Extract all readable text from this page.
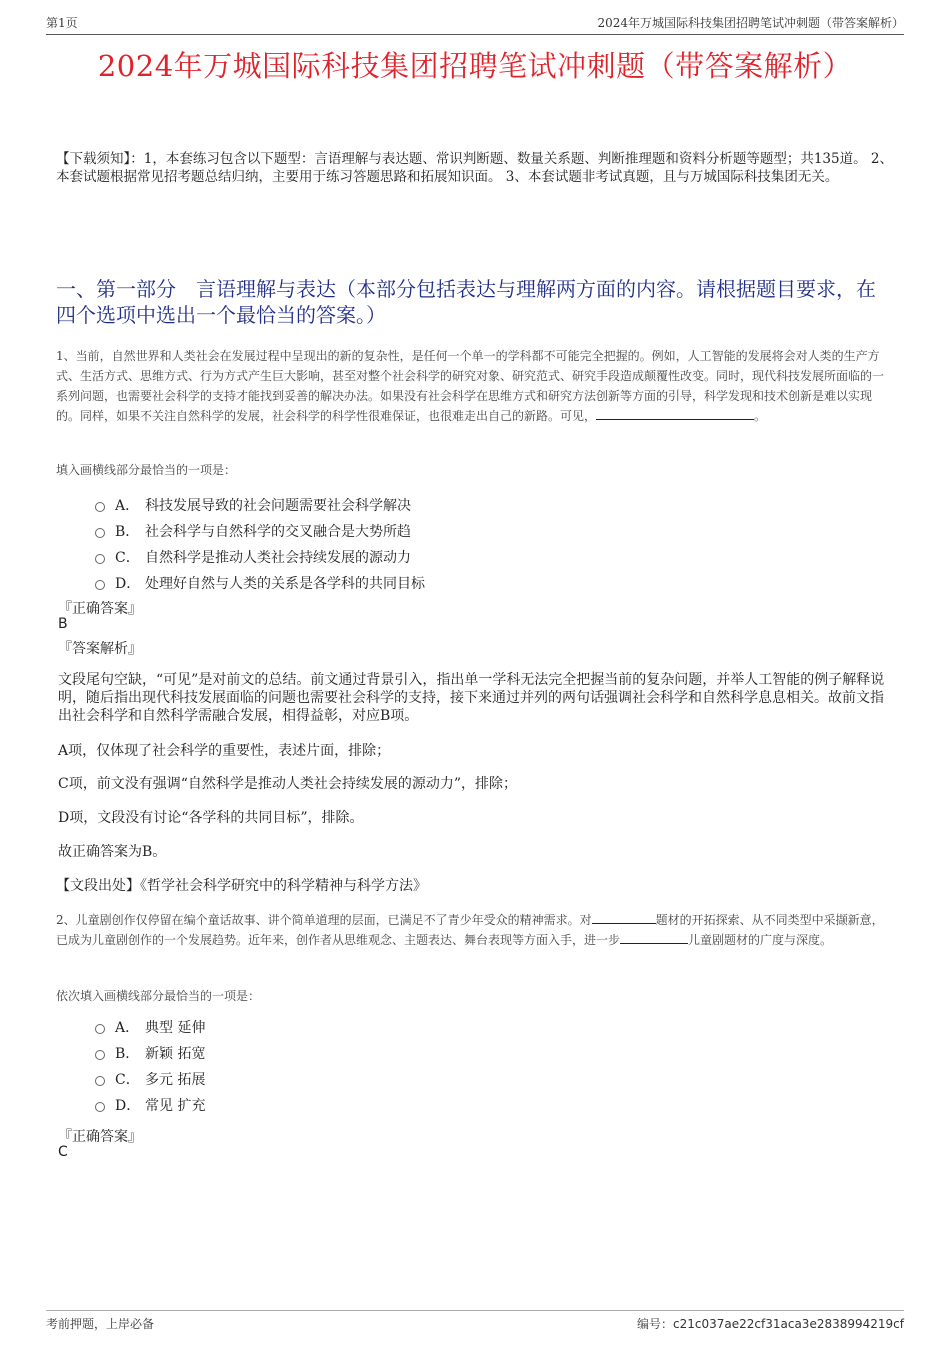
第1页	2024年万城国际科技集团招聘笔试冲刺题（带答案解析）
2024年万城国际科技集团招聘笔试冲刺题（带答案解析）
【下载须知】：1，本套练习包含以下题型：言语理解与表达题、常识判断题、数量关系题、判断推理题和资料分析题等题型；共135道。 2、本套试题根据常见招考题总结归纳，主要用于练习答题思路和拓展知识面。 3、本套试题非考试真题，且与万城国际科技集团无关。
一、第一部分　言语理解与表达（本部分包括表达与理解两方面的内容。请根据题目要求，在四个选项中选出一个最恰当的答案。）
1、当前，自然世界和人类社会在发展过程中呈现出的新的复杂性，是任何一个单一的学科都不可能完全把握的。例如，人工智能的发展将会对人类的生产方式、生活方式、思维方式、行为方式产生巨大影响，甚至对整个社会科学的研究对象、研究范式、研究手段造成颠覆性改变。同时，现代科技发展所面临的一系列问题，也需要社会科学的支持才能找到妥善的解决办法。如果没有社会科学在思维方式和研究方法创新等方面的引导，科学发现和技术创新是难以实现的。同样，如果不关注自然科学的发展，社会科学的科学性很难保证，也很难走出自己的新路。可见，	。
填入画横线部分最恰当的一项是：
A． 科技发展导致的社会问题需要社会科学解决
B． 社会科学与自然科学的交叉融合是大势所趋
C． 自然科学是推动人类社会持续发展的源动力
D． 处理好自然与人类的关系是各学科的共同目标
『正确答案』
B
『答案解析』
文段尾句空缺，“可见”是对前文的总结。前文通过背景引入，指出单一学科无法完全把握当前的复杂问题，并举人工智能的例子解释说明，随后指出现代科技发展面临的问题也需要社会科学的支持，接下来通过并列的两句话强调社会科学和自然科学息息相关。故前文指出社会科学和自然科学需融合发展，相得益彰，对应B项。
A项，仅体现了社会科学的重要性，表述片面，排除；
C项，前文没有强调“自然科学是推动人类社会持续发展的源动力”，排除；
D项，文段没有讨论“各学科的共同目标”，排除。
故正确答案为B。
【文段出处】《哲学社会科学研究中的科学精神与科学方法》
2、儿童剧创作仅停留在编个童话故事、讲个简单道理的层面，已满足不了青少年受众的精神需求。对	题材的开拓探索、从不同类型中采撷新意，已成为儿童剧创作的一个发展趋势。近年来，创作者从思维观念、主题表达、舞台表现等方面入手，进一步	儿童剧题材的广度与深度。
依次填入画横线部分最恰当的一项是：
A． 典型 延伸
B． 新颖 拓宽
C． 多元 拓展
D． 常见 扩充
『正确答案』
C
考前押题，上岸必备	编号：c21c037ae22cf31aca3e2838994219cf
